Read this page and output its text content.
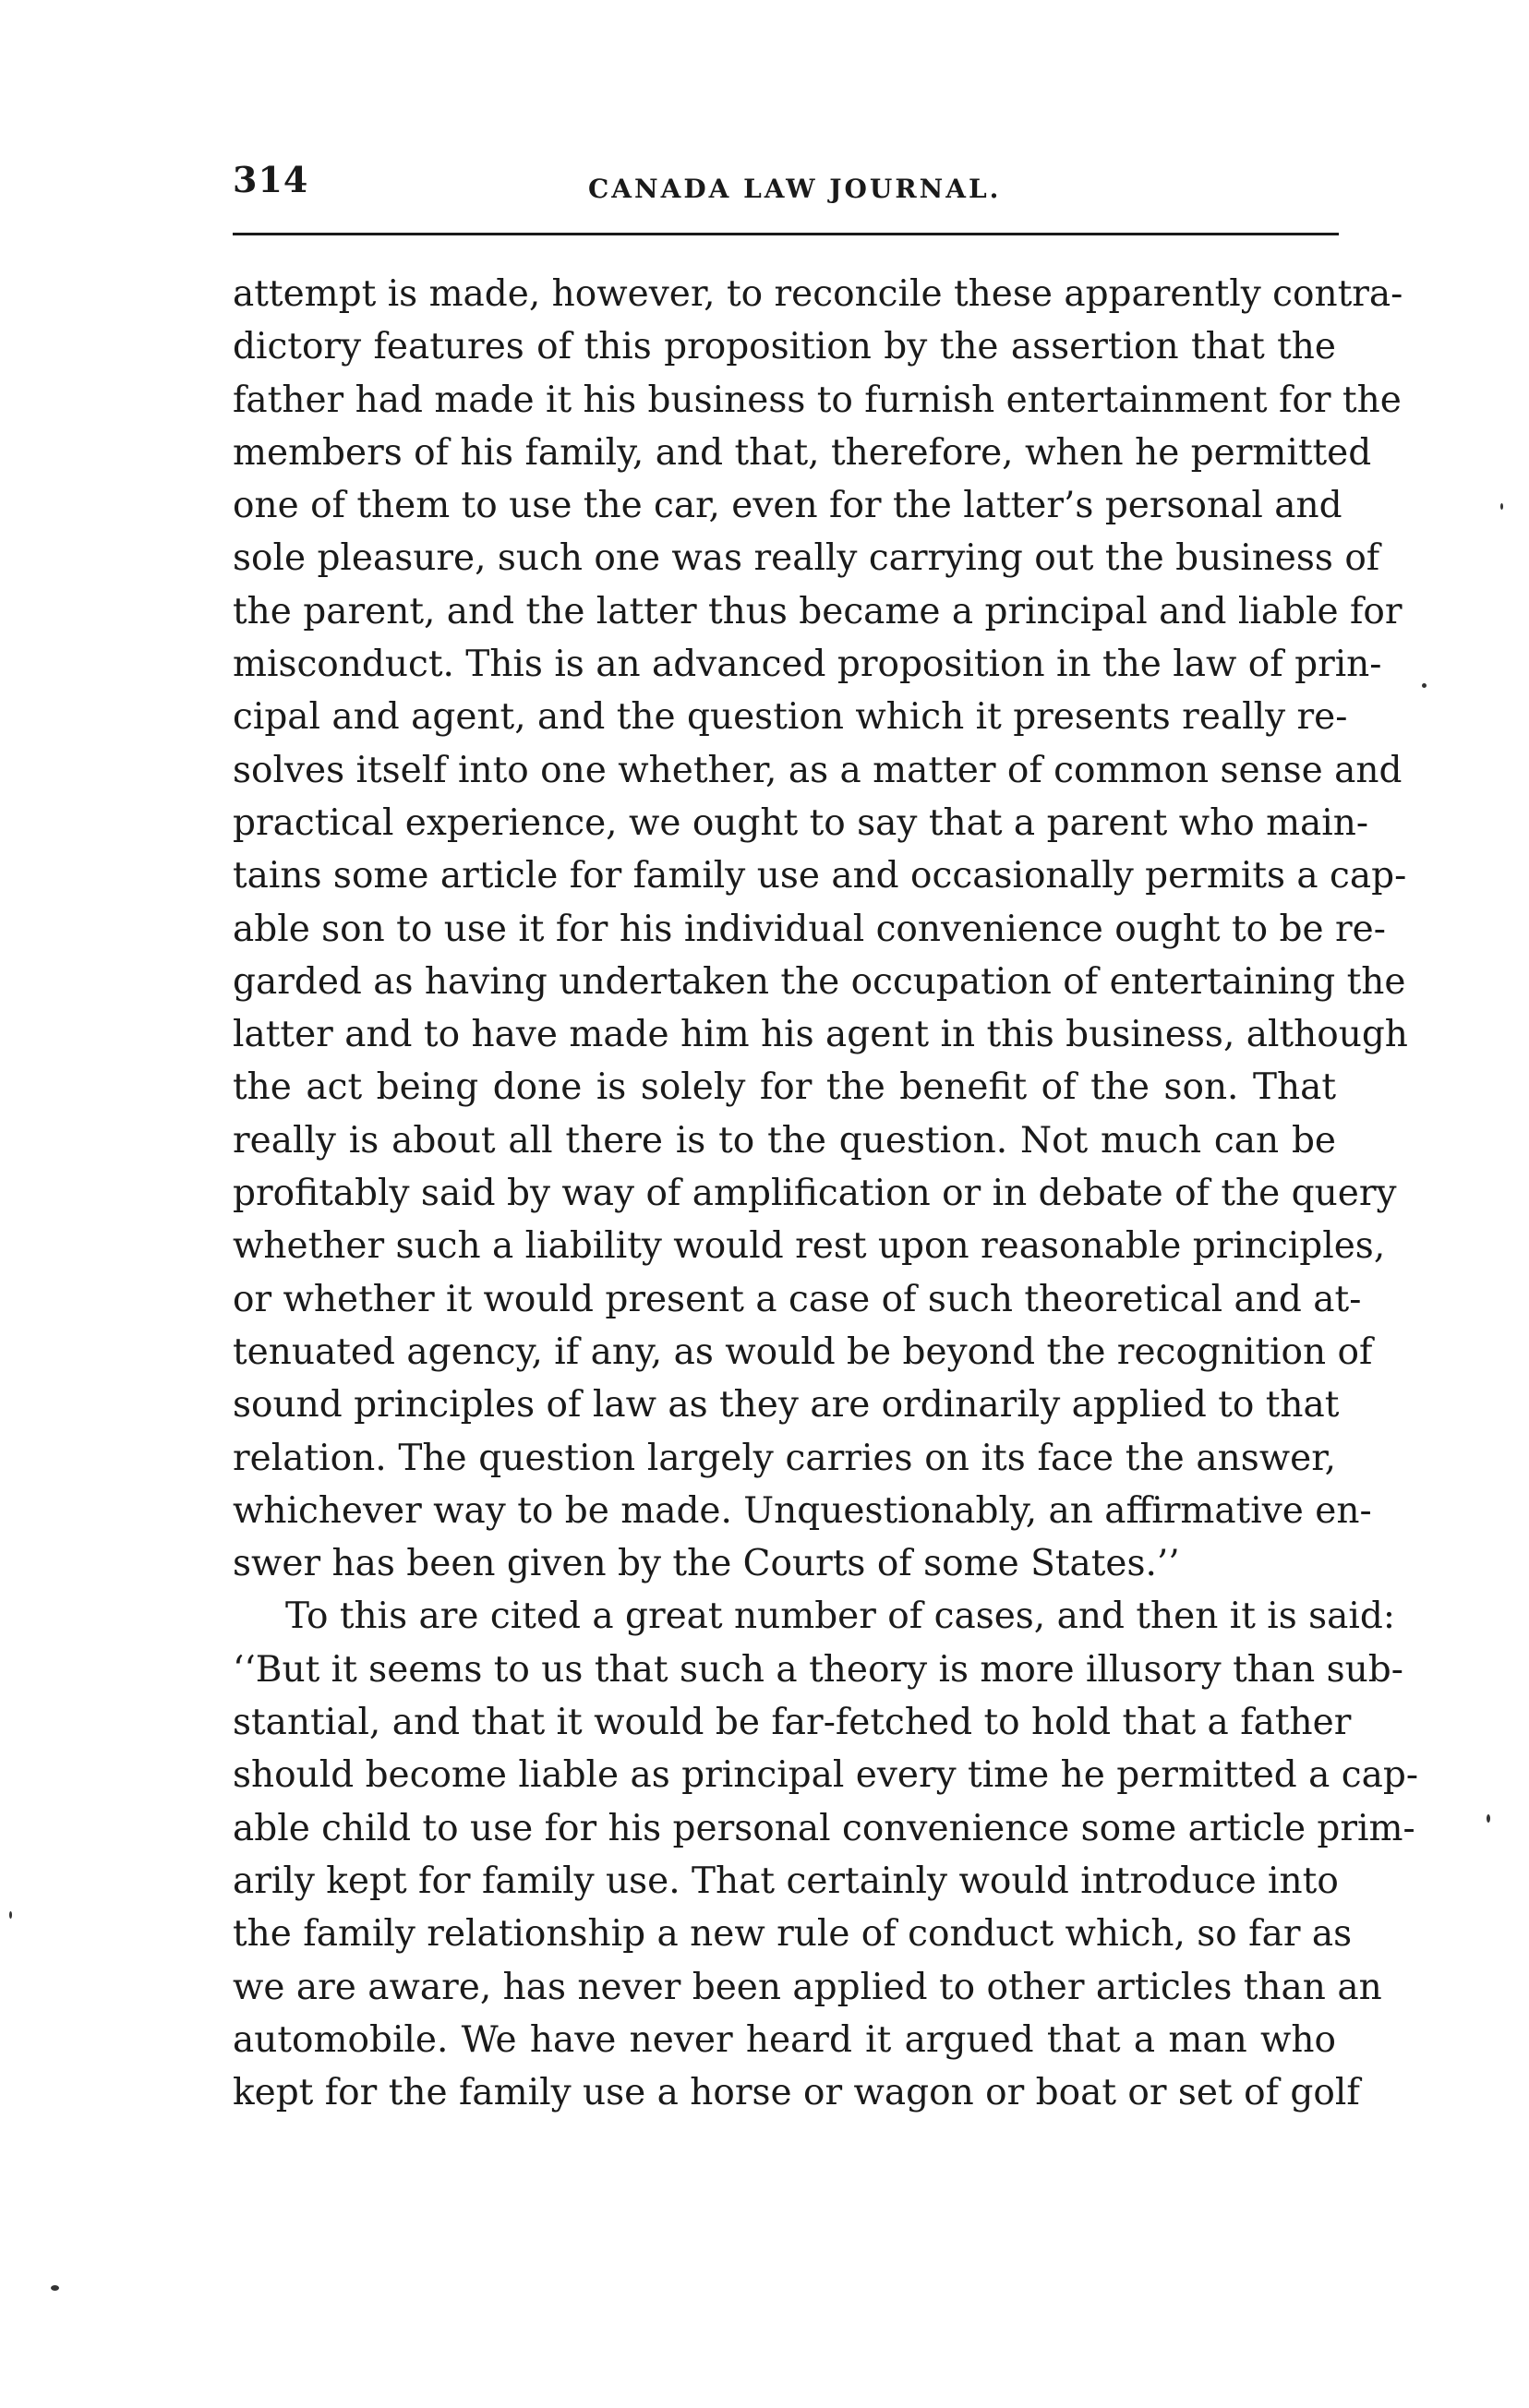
314	CANADA LAW JOURNAL.
attempt is made, however, to reconcile these apparently contra-
dictory features of this proposition by the assertion that the
father had made it his business to furnish entertainment for the
members of his family, and that, therefore, when he permitted
one of them to use the car, even for the latter’s personal and
sole pleasure, such one was really carrying out the business of
the parent, and the latter thus became a principal and liable for
misconduct. This is an advanced proposition in the law of prin-
cipal and agent, and the question which it presents really re-
solves itself into one whether, as a matter of common sense and
practical experience, we ought to say that a parent who main-
tains some article for family use and occasionally permits a cap-
able son to use it for his individual convenience ought to be re-
garded as having undertaken the occupation of entertaining the
latter and to have made him his agent in this business, although
the act being done is solely for the benefit of the son. That
really is about all there is to the question. Not much can be
profitably said by way of amplification or in debate of the query
whether such a liability would rest upon reasonable principles,
or whether it would present a case of such theoretical and at-
tenuated agency, if any, as would be beyond the recognition of
sound principles of law as they are ordinarily applied to that
relation. The question largely carries on its face the answer,
whichever way to be made. Unquestionably, an affirmative en-
swer has been given by the Courts of some States.’’
To this are cited a great number of cases, and then it is said:
‘‘But it seems to us that such a theory is more illusory than sub-
stantial, and that it would be far-fetched to hold that a father
should become liable as principal every time he permitted a cap-
able child to use for his personal convenience some article prim-
arily kept for family use. That certainly would introduce into
the family relationship a new rule of conduct which, so far as
we are aware, has never been applied to other articles than an
automobile. We have never heard it argued that a man who
kept for the family use a horse or wagon or boat or set of golf
